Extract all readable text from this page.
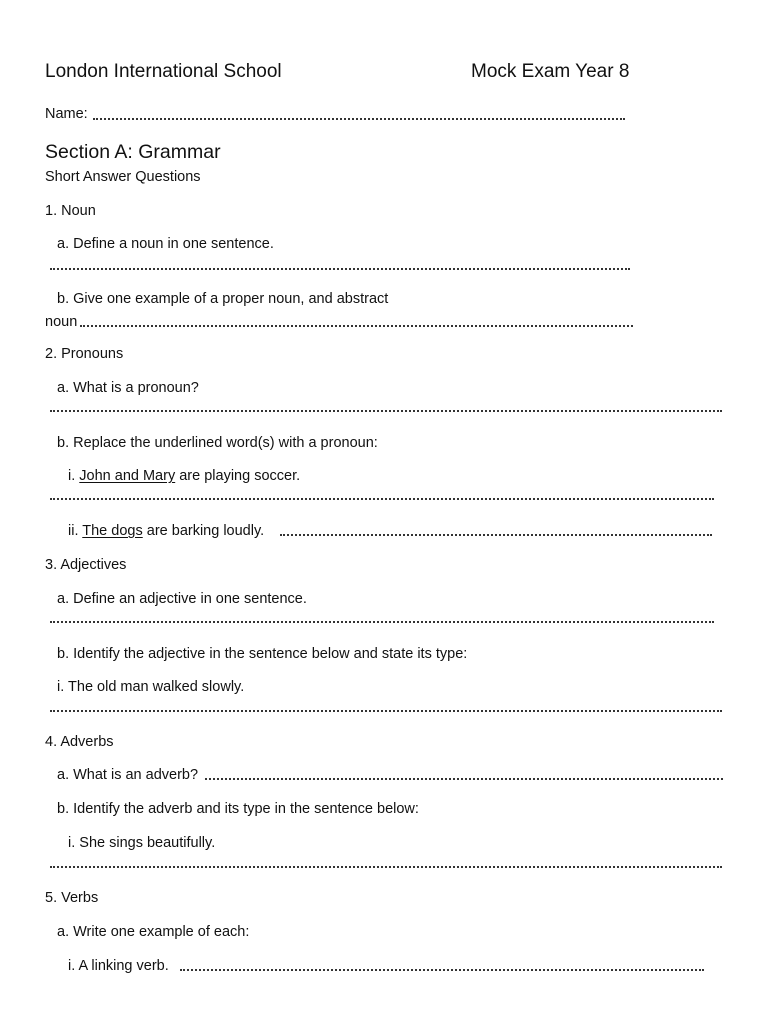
London International School	Mock Exam Year 8
Name:
Section A: Grammar
Short Answer Questions
1. Noun
a. Define a noun in one sentence.
b. Give one example of a proper noun, and abstract
noun
2. Pronouns
a. What is a pronoun?
b. Replace the underlined word(s) with a pronoun:
i. John and Mary are playing soccer.
ii. The dogs are barking loudly.
3. Adjectives
a. Define an adjective in one sentence.
b. Identify the adjective in the sentence below and state its type:
i. The old man walked slowly.
4. Adverbs
a. What is an adverb?
b. Identify the adverb and its type in the sentence below:
i. She sings beautifully.
5. Verbs
a. Write one example of each:
i. A linking verb.
